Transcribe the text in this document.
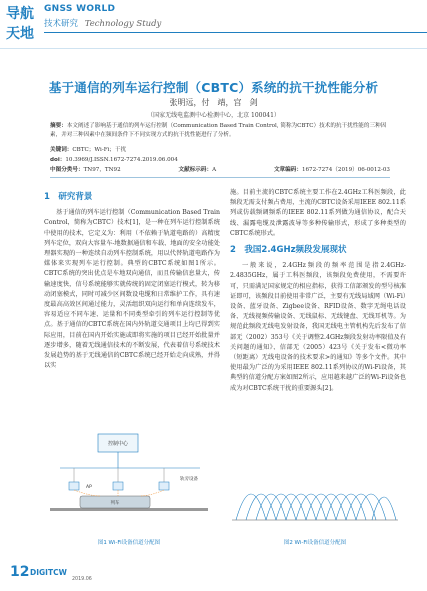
导航
天地
GNSS WORLD
技术研究 Technology Study
基于通信的列车运行控制（CBTC）系统的抗干扰性能分析
张明远，付　靖，宫　剑
（国家无线电监测中心检测中心，北京 100041）
摘要：本文阐述了影响基于通信的列车运行控制（Communication Based Train Control, 简称为CBTC）技术的抗干扰性能的三种因素，并对三种因素中在频间条件下不同实现方式的抗干扰性能进行了分析。
关键词：CBTC；Wi-Fi；干扰
doi：10.3969/J.ISSN.1672-7274.2019.06.004
中图分类号：TN97，TN92	文献标示码：A	文章编码：1672-7274（2019）06-0012-03
1　研究背景

基于通信的列车运行控制（Communication Based Train Control，简称为CBTC）技术[1]，是一种在列车运行控制系统中使用的技术，它定义为：利用（不依赖于轨道电路的）高精度列车定位，双向大容量车-地数据通信和车载、地面的安全功能处理器实现的一种连续自动列车控制系统，用以代替轨道电路作为媒体来实现列车运行控制。典型的CBTC系统如图1所示。CBTC系统的突出优点是车地双向通信，而且传输信息量大，传输速度快，信号系统能够实就传统的固定闭塞运行模式，转为移动闭塞模式，同时可减少区间数设电缆和日常维护工作，具有速度最高高效区间通过能力，灵活组织双向运行和单向连续发车，容易适应不同车速、运量和不同类型牵引的列车运行控制等优点。基于通信的CBTC系统在国内外轨道交通项目上均已得到实际应用，目前在国内开始实施或即将实施的项目已经开始批量并逐步增多，随着无线通信技术的不断发展，代表着信号系统技术发展趋势的基于无线通信的CBTC系统已经开始走向成熟，并得以实

施。目前主流的CBTC系统主要工作在2.4GHz工科医频段，此频段无需支付频占费用，主流的CBTC设备采用IEEE 802.11系列或仿载频调频系的IEEE 802.11系列做为通信协议，配合天线、漏露电缆及泄露波导等多种传输形式，形成了多种类型的CBTC系统形式。

2　我国2.4GHz频段发展现状

一般来说，2.4GHz频段的频率范围是指2.4GHz-2.4835GHz，属于工科医频段，该频段免费使用，不需要许可，只需满足国家规定的相应指标，获得工信部颁发的型号核准证即可，该频段目前使用非常广泛，主要有无线局域网（Wi-Fi）设备、蓝牙设备、Zigbee设备、RFID设备、数字无绳电话设备、无线视频传输设备、无线鼠标、无线键盘、无线耳机等。为规范此频段无线电发射设备，我国无线电主管机构先后发布了信部无（2002）353号《关于调整2.4GHz频段发射功率限值及有关问题的通知》、信部无（2005）423号《关于发布<微功率（短距离）无线电设备的技术要求>的通知》等多个文件。其中使用最为广泛的为采用IEEE 802.11系列协议的Wi-Fi设备，其典型的信道分配方案如图2所示，应用越来越广泛的Wi-Fi设备也成为对CBTC系统干扰的重要源头[2]。

控制中心
AP
轨旁设备
列车
图1 Wi-Fi设备信道分配图	图2 Wi-Fi设备信道分配图
12 DIGITCW
2019.06
